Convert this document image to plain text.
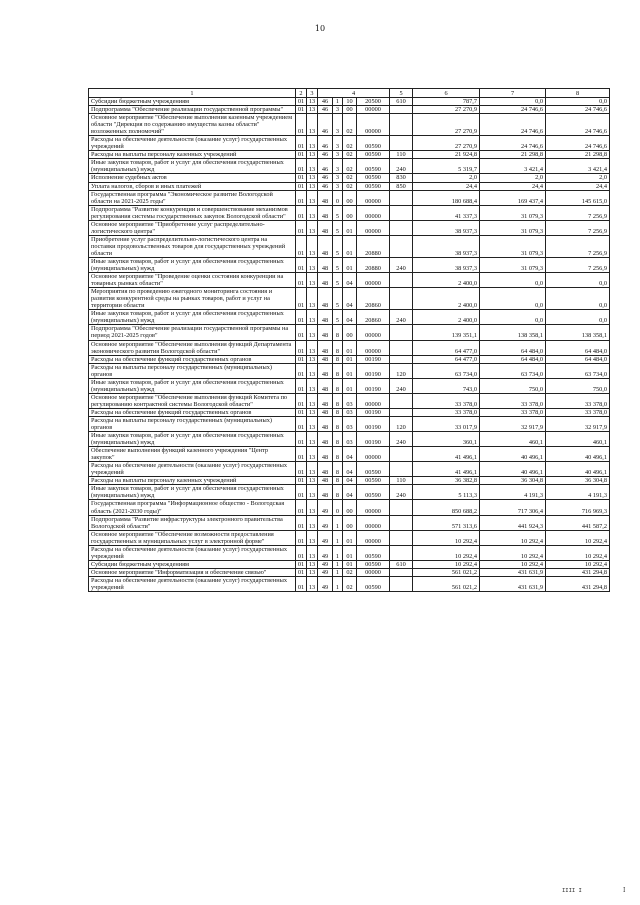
10
1	2	3	4				5	6	7	8
Субсидии бюджетным учреждениям	01	13	46	1	10	20500	610	787,7	0,0	0,0
Подпрограмма "Обеспечение реализации государственной программы"	01	13	46	3	00	00000		27 270,9	24 746,6	24 746,6
Основное мероприятие "Обеспечение выполнения казенным учреждением области "Дирекция по содержанию имущества казны области" возложенных полномочий"	01	13	46	3	02	00000		27 270,9	24 746,6	24 746,6
Расходы на обеспечение деятельности (оказание услуг) государственных учреждений	01	13	46	3	02	00590		27 270,9	24 746,6	24 746,6
Расходы на выплаты персоналу казенных учреждений	01	13	46	3	02	00590	110	21 924,8	21 298,8	21 298,8
Иные закупки товаров, работ и услуг для обеспечения государственных (муниципальных) нужд	01	13	46	3	02	00590	240	5 319,7	3 421,4	3 421,4
Исполнение судебных актов	01	13	46	3	02	00590	830	2,0	2,0	2,0
Уплата налогов, сборов и иных платежей	01	13	46	3	02	00590	850	24,4	24,4	24,4
Государственная программа "Экономическое развитие Вологодской области на 2021-2025 годы"	01	13	48	0	00	00000		180 688,4	169 437,4	145 615,0
Подпрограмма "Развитие конкуренции и совершенствование механизмов регулирования системы государственных закупок Вологодской области"	01	13	48	5	00	00000		41 337,3	31 079,3	7 256,9
Основное мероприятие "Приобретение услуг распределительно-логистического центра"	01	13	48	5	01	00000		38 937,3	31 079,3	7 256,9
Приобретение услуг распределительно-логистического центра на поставки продовольственных товаров для государственных учреждений области	01	13	48	5	01	20880		38 937,3	31 079,3	7 256,9
Иные закупки товаров, работ и услуг для обеспечения государственных (муниципальных) нужд	01	13	48	5	01	20880	240	38 937,3	31 079,3	7 256,9
Основное мероприятие "Проведение оценки состояния конкуренции на товарных рынках области"	01	13	48	5	04	00000		2 400,0	0,0	0,0
Мероприятия по проведению ежегодного мониторинга состояния и развития конкурентной среды на рынках товаров, работ и услуг на территории области	01	13	48	5	04	20860		2 400,0	0,0	0,0
Иные закупки товаров, работ и услуг для обеспечения государственных (муниципальных) нужд	01	13	48	5	04	20860	240	2 400,0	0,0	0,0
Подпрограмма "Обеспечение реализации государственной программы на период 2021-2025 годов"	01	13	48	8	00	00000		139 351,1	138 358,1	138 358,1
Основное мероприятие "Обеспечение выполнения функций Департамента экономического развития Вологодской области"	01	13	48	8	01	00000		64 477,0	64 484,0	64 484,0
Расходы на обеспечение функций государственных органов	01	13	48	8	01	00190		64 477,0	64 484,0	64 484,0
Расходы на выплаты персоналу государственных (муниципальных) органов	01	13	48	8	01	00190	120	63 734,0	63 734,0	63 734,0
Иные закупки товаров, работ и услуг для обеспечения государственных (муниципальных) нужд	01	13	48	8	01	00190	240	743,0	750,0	750,0
Основное мероприятие "Обеспечение выполнения функций Комитета по регулированию контрактной системы Вологодской области"	01	13	48	8	03	00000		33 378,0	33 378,0	33 378,0
Расходы на обеспечение функций государственных органов	01	13	48	8	03	00190		33 378,0	33 378,0	33 378,0
Расходы на выплаты персоналу государственных (муниципальных) органов	01	13	48	8	03	00190	120	33 017,9	32 917,9	32 917,9
Иные закупки товаров, работ и услуг для обеспечения государственных (муниципальных) нужд	01	13	48	8	03	00190	240	360,1	460,1	460,1
Обеспечение выполнения функций казенного учреждения "Центр закупок"	01	13	48	8	04	00000		41 496,1	40 496,1	40 496,1
Расходы на обеспечение деятельности (оказание услуг) государственных учреждений	01	13	48	8	04	00590		41 496,1	40 496,1	40 496,1
Расходы на выплаты персоналу казенных учреждений	01	13	48	8	04	00590	110	36 382,8	36 304,8	36 304,8
Иные закупки товаров, работ и услуг для обеспечения государственных (муниципальных) нужд	01	13	48	8	04	00590	240	5 113,3	4 191,3	4 191,3
Государственная программа "Информационное общество - Вологодская область (2021-2030 годы)"	01	13	49	0	00	00000		850 688,2	717 306,4	716 969,3
Подпрограмма "Развитие инфраструктуры электронного правительства Вологодской области"	01	13	49	1	00	00000		571 313,6	441 924,3	441 587,2
Основное мероприятие "Обеспечение возможности предоставления государственных и муниципальных услуг в электронной форме"	01	13	49	1	01	00000		10 292,4	10 292,4	10 292,4
Расходы на обеспечение деятельности (оказание услуг) государственных учреждений	01	13	49	1	01	00590		10 292,4	10 292,4	10 292,4
Субсидии бюджетным учреждениям	01	13	49	1	01	00590	610	10 292,4	10 292,4	10 292,4
Основное мероприятие "Информатизация и обеспечение связью"	01	13	49	1	02	00000		561 021,2	431 631,9	431 294,8
Расходы на обеспечение деятельности (оказание услуг) государственных учреждений	01	13	49	1	02	00590		561 021,2	431 631,9	431 294,8
ІІІІ І	I
